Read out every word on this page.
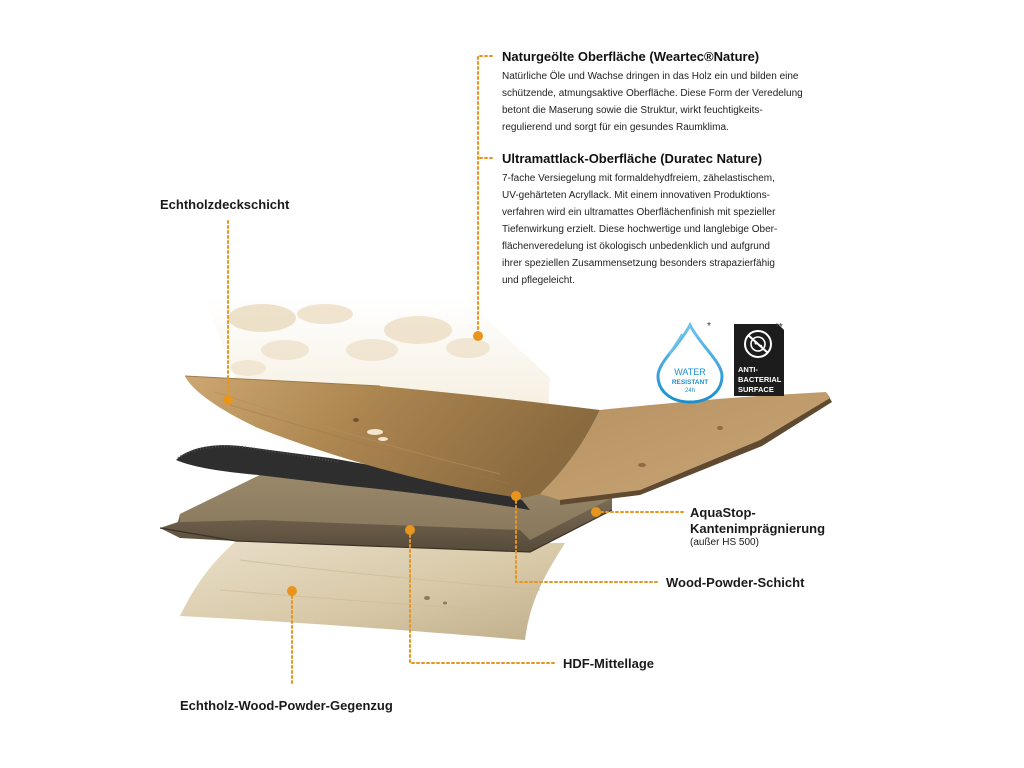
WATER
RESISTANT
24h
*
ANTI-
BACTERIAL
SURFACE
**
Naturgeölte Oberfläche (Weartec®Nature)

Natürliche Öle und Wachse dringen in das Holz ein und bilden eine
schützende, atmungsaktive Oberfläche. Diese Form der Veredelung
betont die Maserung sowie die Struktur, wirkt feuchtigkeits-
regulierend und sorgt für ein gesundes Raumklima.

Ultramattlack-Oberfläche (Duratec Nature)

7-fache Versiegelung mit formaldehydfreiem, zähelastischem,
UV-gehärteten Acryllack. Mit einem innovativen Produktions-
verfahren wird ein ultramattes Oberflächenfinish mit spezieller
Tiefenwirkung erzielt. Diese hochwertige und langlebige Ober-
flächenveredelung ist ökologisch unbedenklich und aufgrund
ihrer speziellen Zusammensetzung besonders strapazierfähig
und pflegeleicht.

Echtholzdeckschicht
AquaStop-
Kantenimprägnierung
(außer HS 500)
Wood-Powder-Schicht
HDF-Mittellage
Echtholz-Wood-Powder-Gegenzug
